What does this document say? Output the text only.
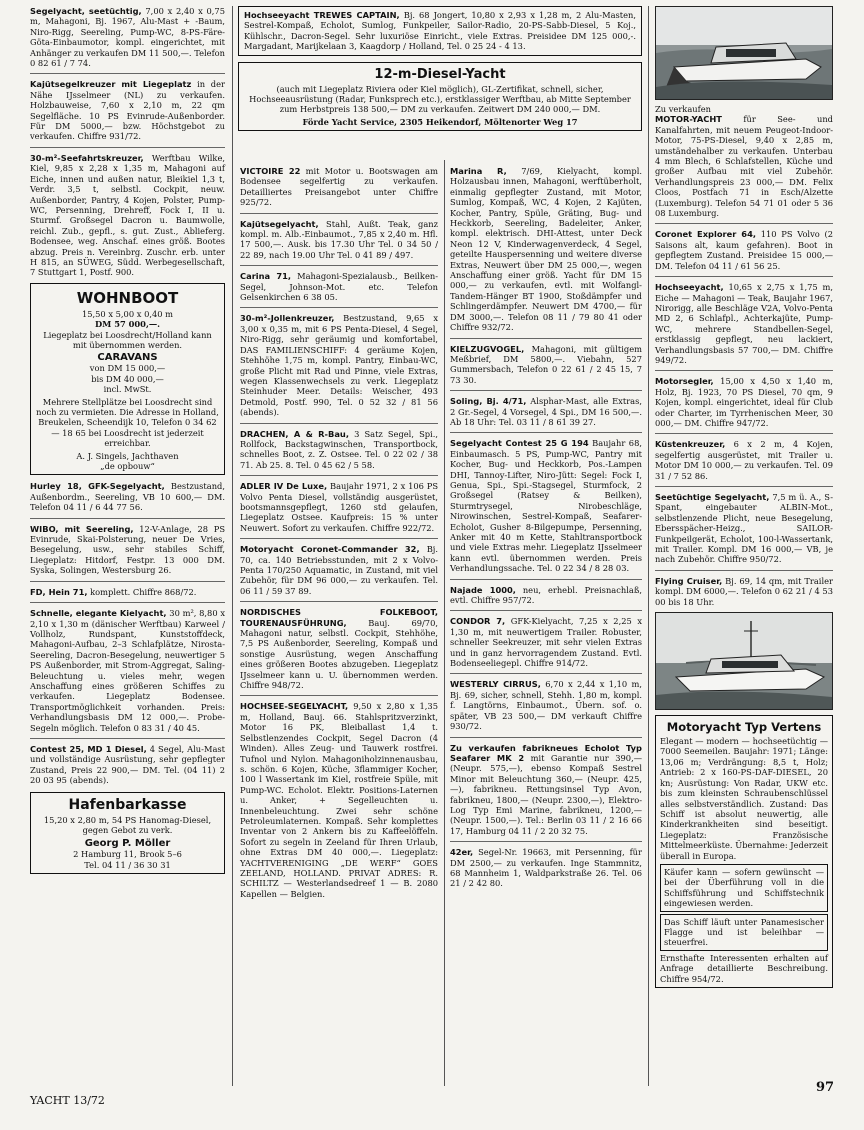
Segelyacht, seetüchtig, 7,00 x 2,40 x 0,75 m, Mahagoni, Bj. 1967, Alu-Mast + -Baum, Niro-Rigg, Seereling, Pump-WC, 8-PS-Färe-Göta-Einbaumotor, kompl. eingerichtet, mit Anhänger zu verkaufen DM 11 500,—. Telefon 0 82 61 / 7 74.
Kajütsegelkreuzer mit Liegeplatz in der Nähe IJsselmeer (NL) zu verkaufen. Holzbauweise, 7,60 x 2,10 m, 22 qm Segelfläche. 10 PS Evinrude-Außenborder. Für DM 5000,— bzw. Höchstgebot zu verkaufen. Chiffre 931/72.
30-m²-Seefahrtskreuzer, Werftbau Wilke, Kiel, 9,85 x 2,28 x 1,35 m, Mahagoni auf Eiche, innen und außen natur, Bleikiel 1,3 t, Verdr. 3,5 t, selbstl. Cockpit, neuw. Außenborder, Pantry, 4 Kojen, Polster, Pump-WC, Persenning, Drehreff, Fock I, II u. Sturmf. Großsegel Dacron u. Baumwolle, reichl. Zub., gepfl., s. gut. Zust., Ablieferg. Bodensee, weg. Anschaf. eines größ. Bootes abzug. Preis n. Vereinbrg. Zuschr. erb. unter H 815, an SÜWEG, Südd. Werbegesellschaft, 7 Stuttgart 1, Postf. 900.
WOHNBOOT
15,50 x 5,00 x 0,40 m
DM 57 000,—.
Liegeplatz bei Loosdrecht/Holland kann mit übernommen werden.
CARAVANS
von DM 15 000,—
bis DM 40 000,—
incl. MwSt.
Mehrere Stellplätze bei Loosdrecht sind noch zu vermieten. Die Adresse in Holland, Breukelen, Scheendijk 10, Telefon 0 34 62 — 18 65 bei Loosdrecht ist jederzeit erreichbar.
A. J. Singels, Jachthaven
„de opbouw“
Hurley 18, GFK-Segelyacht, Bestzustand, Außenbordm., Seereling, VB 10 600,— DM. Telefon 04 11 / 6 44 77 56.
WIBO, mit Seereling, 12-V-Anlage, 28 PS Evinrude, Skai-Polsterung, neuer De Vries, Besegelung, usw., sehr stabiles Schiff, Liegeplatz: Hitdorf, Festpr. 13 000 DM. Syska, Solingen, Westersburg 26.
FD, Hein 71, komplett. Chiffre 868/72.
Schnelle, elegante Kielyacht, 30 m², 8,80 x 2,10 x 1,30 m (dänischer Werftbau) Karweel / Vollholz, Rundspant, Kunststoffdeck, Mahagoni-Aufbau, 2–3 Schlafplätze, Nirosta-Seereling, Dacron-Besegelung, neuwertiger 5 PS Außenborder, mit Strom-Aggregat, Saling-Beleuchtung u. vieles mehr, wegen Anschaffung eines größeren Schiffes zu verkaufen. Liegeplatz Bodensee. Transportmöglichkeit vorhanden. Preis: Verhandlungsbasis DM 12 000,—. Probe-Segeln möglich. Telefon 0 83 31 / 40 45.
Contest 25, MD 1 Diesel, 4 Segel, Alu-Mast und vollständige Ausrüstung, sehr gepflegter Zustand, Preis 22 900,— DM. Tel. (04 11) 2 20 03 95 (abends).
Hafenbarkasse
15,20 x 2,80 m, 54 PS Hanomag-Diesel, gegen Gebot zu verk.
Georg P. Möller
2 Hamburg 11, Brook 5–6
Tel. 04 11 / 36 30 31
Hochseeyacht TREWES CAPTAIN, Bj. 68 Jongert, 10,80 x 2,93 x 1,28 m, 2 Alu-Masten, Sestrel-Kompaß, Echolot, Sumlog, Funkpeiler, Sailor-Radio, 20-PS-Sabb-Diesel, 5 Koj., Kühlschr., Dacron-Segel. Sehr luxuriöse Einricht., viele Extras. Preisidee DM 125 000,-. Margadant, Marijkelaan 3, Kaagdorp / Holland, Tel. 0 25 24 - 4 13.
12-m-Diesel-Yacht
(auch mit Liegeplatz Riviera oder Kiel möglich), GL-Zertifikat, schnell, sicher, Hochseeausrüstung (Radar, Funksprech etc.), erstklassiger Werftbau, ab Mitte September zum Herbstpreis 138 500,— DM zu verkaufen. Zeitwert DM 240 000,— DM.
Förde Yacht Service, 2305 Heikendorf, Möltenorter Weg 17
VICTOIRE 22 mit Motor u. Bootswagen am Bodensee segelfertig zu verkaufen. Detailliertes Preisangebot unter Chiffre 925/72.
Kajütsegelyacht, Stahl, Außt. Teak, ganz kompl. m. Alb.-Einbaumot., 7,85 x 2,40 m. Hfl. 17 500,—. Ausk. bis 17.30 Uhr Tel. 0 34 50 / 22 89, nach 19.00 Uhr Tel. 0 41 89 / 497.
Carina 71, Mahagoni-Spezialausb., Beilken-Segel, Johnson-Mot. etc. Telefon Gelsenkirchen 6 38 05.
30-m²-Jollenkreuzer, Bestzustand, 9,65 x 3,00 x 0,35 m, mit 6 PS Penta-Diesel, 4 Segel, Niro-Rigg, sehr geräumig und komfortabel, DAS FAMILIENSCHIFF: 4 geräume Kojen, Stehhöhe 1,75 m, kompl. Pantry, Einbau-WC, große Plicht mit Rad und Pinne, viele Extras, wegen Klassenwechsels zu verk. Liegeplatz Steinhuder Meer. Details: Weischer, 493 Detmold, Postf. 990, Tel. 0 52 32 / 81 56 (abends).
DRACHEN, A & R-Bau, 3 Satz Segel, Spi., Rollfock, Backstagwinschen, Transportbock, schnelles Boot, z. Z. Ostsee. Tel. 0 22 02 / 38 71. Ab 25. 8. Tel. 0 45 62 / 5 58.
ADLER IV De Luxe, Baujahr 1971, 2 x 106 PS Volvo Penta Diesel, vollständig ausgerüstet, bootsmannsgepflegt, 1260 std gelaufen, Liegeplatz Ostsee. Kaufpreis: 15 % unter Neuwert. Sofort zu verkaufen. Chiffre 922/72.
Motoryacht Coronet-Commander 32, Bj. 70, ca. 140 Betriebsstunden, mit 2 x Volvo-Penta 170/250 Aquamatic, in Zustand, mit viel Zubehör, für DM 96 000,— zu verkaufen. Tel. 06 11 / 59 37 89.
NORDISCHES FOLKEBOOT, TOURENAUSFÜHRUNG,	Bauj. 69/70, Mahagoni natur, selbstl. Cockpit, Stehhöhe, 7,5 PS Außenborder, Seereling, Kompaß und sonstige Ausrüstung, wegen Anschaffung eines größeren Bootes abzugeben. Liegeplatz IJsselmeer kann u. U. übernommen werden. Chiffre 948/72.
HOCHSEE-SEGELYACHT, 9,50 x 2,80 x 1,35 m, Holland, Bauj. 66. Stahlspritzverzinkt, Motor 16 PK, Bleiballast 1,4 t. Selbstlenzendes Cockpit, Segel Dacron (4 Winden). Alles Zeug- und Tauwerk rostfrei. Tufnol und Nylon. Mahagoniholzinnenausbau, s. schön. 6 Kojen, Küche, 3flammiger Kocher, 100 l Wassertank im Kiel, rostfreie Spüle, mit Pump-WC. Echolot. Elektr. Positions-Laternen u. Anker, + Segelleuchten u. Innenbeleuchtung. Zwei sehr schöne Petroleumlaternen. Kompaß. Sehr komplettes Inventar von 2 Ankern bis zu Kaffeelöffeln. Sofort zu segeln in Zeeland für Ihren Urlaub, ohne Extras DM 40 000,—. Liegeplatz: YACHTVERENIGING „DE WERF“ GOES ZEELAND, HOLLAND. PRIVAT ADRES: R. SCHILTZ — Westerlandsedreef 1 — B. 2080 Kapellen — Belgien.
Marina R, 7/69, Kielyacht, kompl. Holzausbau innen, Mahagoni, werftüberholt, einmalig gepflegter Zustand, mit Motor, Sumlog, Kompaß, WC, 4 Kojen, 2 Kajüten, Kocher, Pantry, Spüle, Gräting, Bug- und Heckkorb, Seereling, Badeleiter, Anker, kompl. elektrisch. DHI-Attest, unter Deck Neon 12 V, Kinderwagenverdeck, 4 Segel, geteilte Hauspersenning und weitere diverse Extras, Neuwert über DM 25 000,—, wegen Anschaffung einer größ. Yacht für DM 15 000,— zu verkaufen, evtl. mit Wolfangl-Tandem-Hänger BT 1900, Stoßdämpfer und Schlingerdämpfer. Neuwert DM 4700,— für DM 3000,—. Telefon 08 11 / 79 80 41 oder Chiffre 932/72.
KIELZUGVOGEL, Mahagoni, mit gültigem Meßbrief, DM 5800,—. Viebahn, 527 Gummersbach, Telefon 0 22 61 / 2 45 15, 7 73 30.
Soling, Bj. 4/71, Alsphar-Mast, alle Extras, 2 Gr.-Segel, 4 Vorsegel, 4 Spi., DM 16 500,—. Ab 18 Uhr: Tel. 03 11 / 8 61 39 27.
Segelyacht Contest 25 G 194 Baujahr 68, Einbaumasch. 5 PS, Pump-WC, Pantry mit Kocher, Bug- und Heckkorb, Pos.-Lampen DHI, Tannoy-Lifter, Niro-Jütt: Segel: Fock I, Genua, Spi., Spi.-Stagsegel, Sturmfock, 2 Großsegel (Ratsey & Beilken), Sturmtrysegel, Nirobeschläge, Nirowinschen, Sestrel-Kompaß, Seafarer-Echolot, Gusher 8-Bilgepumpe, Persenning, Anker mit 40 m Kette, Stahltransportbock und viele Extras mehr. Liegeplatz IJsselmeer kann evtl. übernommen werden. Preis Verhandlungssache. Tel. 0 22 34 / 8 28 03.
Najade 1000, neu, erhebl. Preisnachlaß, evtl. Chiffre 957/72.
CONDOR 7, GFK-Kielyacht, 7,25 x 2,25 x 1,30 m, mit neuwertigem Trailer. Robuster, schneller Seekreuzer, mit sehr vielen Extras und in ganz hervorragendem Zustand. Evtl. Bodenseeliegepl. Chiffre 914/72.
WESTERLY CIRRUS, 6,70 x 2,44 x 1,10 m, Bj. 69, sicher, schnell, Stehh. 1,80 m, kompl. f. Langtörns, Einbaumot., Übern. sof. o. später, VB 23 500,— DM verkauft Chiffre 930/72.
Zu verkaufen fabrikneues Echolot Typ Seafarer MK 2 mit Garantie nur 390,— (Neupr. 575,—), ebenso Kompaß Sestrel Minor mit Beleuchtung 360,— (Neupr. 425,—), fabrikneu. Rettungsinsel Typ Avon, fabrikneu, 1800,— (Neupr. 2300,—), Elektro-Log Typ Emi Marine, fabrikneu, 1200,— (Neupr. 1500,—). Tel.: Berlin 03 11 / 2 16 66 17, Hamburg 04 11 / 2 20 32 75.
42er, Segel-Nr. 19663, mit Persenning, für DM 2500,— zu verkaufen. Inge Stammnitz, 68 Mannheim 1, Waldparkstraße 26. Tel. 06 21 / 2 42 80.
Zu verkaufen
MOTOR-YACHT	für See- und Kanalfahrten, mit neuem Peugeot-Indoor-Motor, 75-PS-Diesel, 9,40 x 2,85 m, umständehalber zu verkaufen. Unterbau 4 mm Blech, 6 Schlafstellen, Küche und großer Aufbau mit viel Zubehör. Verhandlungspreis 23 000,— DM. Felix Cloos, Postfach 71 in Esch/Alzette (Luxemburg). Telefon 54 71 01 oder 5 36 08 Luxemburg.
Coronet Explorer 64, 110 PS Volvo (2 Saisons alt, kaum gefahren). Boot in gepflegtem Zustand. Preisidee 15 000,— DM. Telefon 04 11 / 61 56 25.
Hochseeyacht, 10,65 x 2,75 x 1,75 m, Eiche — Mahagoni — Teak, Baujahr 1967, Nirorigg, alle Beschläge V2A, Volvo-Penta MD 2, 6 Schlafpl., Achterkajüte, Pump-WC, mehrere Standbellen-Segel, erstklassig gepflegt, neu lackiert, Verhandlungsbasis 57 700,— DM. Chiffre 949/72.
Motorsegler, 15,00 x 4,50 x 1,40 m, Holz, Bj. 1923, 70 PS Diesel, 70 qm, 9 Kojen, kompl. eingerichtet, ideal für Club oder Charter, im Tyrrhenischen Meer, 30 000,— DM. Chiffre 947/72.
Küstenkreuzer, 6 x 2 m, 4 Kojen, segelfertig ausgerüstet, mit Trailer u. Motor DM 10 000,— zu verkaufen. Tel. 09 31 / 7 52 86.
Seetüchtige Segelyacht, 7,5 m ü. A., S-Spant, eingebauter ALBIN-Mot., selbstlenzende Plicht, neue Besegelung, Ebersspächer-Heizg., SAILOR-Funkpeilgerät, Echolot, 100-l-Wassertank, mit Trailer. Kompl. DM 16 000,— VB, je nach Zubehör. Chiffre 950/72.
Flying Cruiser, Bj. 69, 14 qm, mit Trailer kompl. DM 6000,—. Telefon 0 62 21 / 4 53 00 bis 18 Uhr.
Motoryacht Typ Vertens
Elegant — modern — hochseetüchtig — 7000 Seemeilen. Baujahr: 1971; Länge: 13,06 m; Verdrängung: 8,5 t, Holz; Antrieb: 2 x 160-PS-DAF-DIESEL, 20 kn; Ausrüstung: Von Radar, UKW etc. bis zum kleinsten Schraubenschlüssel alles selbstverständlich. Zustand: Das Schiff ist absolut neuwertig, alle Kinderkrankheiten sind beseitigt. Liegeplatz: Französische Mittelmeerküste. Übernahme: Jederzeit überall in Europa.
Käufer kann — sofern gewünscht — bei der Überführung voll in die Schiffsführung und Schiffstechnik eingewiesen werden.
Das Schiff läuft unter Panamesischer Flagge und ist beleihbar — steuerfrei.
Ernsthafte Interessenten erhalten auf Anfrage detaillierte Beschreibung. Chiffre 954/72.
YACHT 13/72
97
